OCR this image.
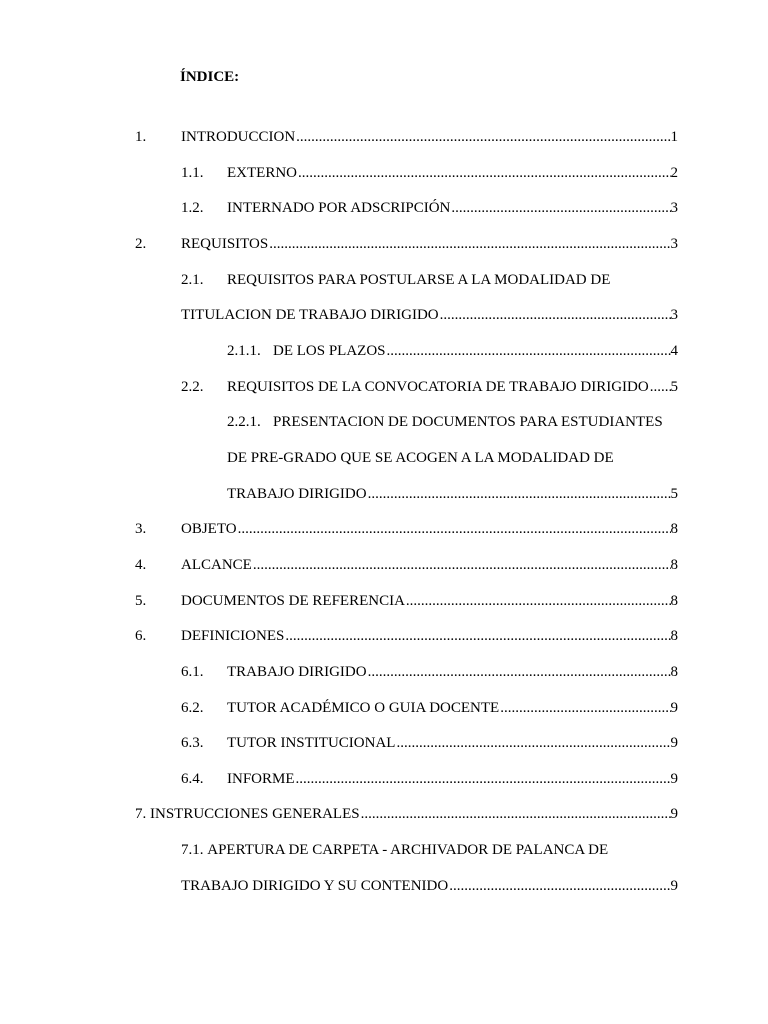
ÍNDICE:
1.	INTRODUCCION .....	1
1.1.	EXTERNO .....	2
1.2.	INTERNADO POR ADSCRIPCIÓN .....	3
2.	REQUISITOS .....	3
2.1.	REQUISITOS PARA POSTULARSE A LA MODALIDAD DE
TITULACION DE TRABAJO DIRIGIDO .....	3
2.1.1. DE LOS PLAZOS .....	4
2.2.	REQUISITOS DE LA CONVOCATORIA DE TRABAJO DIRIGIDO ..... 5
2.2.1. PRESENTACION DE DOCUMENTOS PARA ESTUDIANTES
DE PRE-GRADO QUE SE ACOGEN A LA MODALIDAD DE
TRABAJO DIRIGIDO .....	5
3.	OBJETO .....	8
4.	ALCANCE .....	8
5.	DOCUMENTOS DE REFERENCIA .....	8
6.	DEFINICIONES .....	8
6.1.	TRABAJO DIRIGIDO .....	8
6.2.	TUTOR ACADÉMICO O GUIA DOCENTE .....	9
6.3.	TUTOR INSTITUCIONAL .....	9
6.4.	INFORME .....	9
7. INSTRUCCIONES GENERALES .....	9
7.1. APERTURA DE CARPETA - ARCHIVADOR DE PALANCA DE
TRABAJO DIRIGIDO Y SU CONTENIDO .....	9
